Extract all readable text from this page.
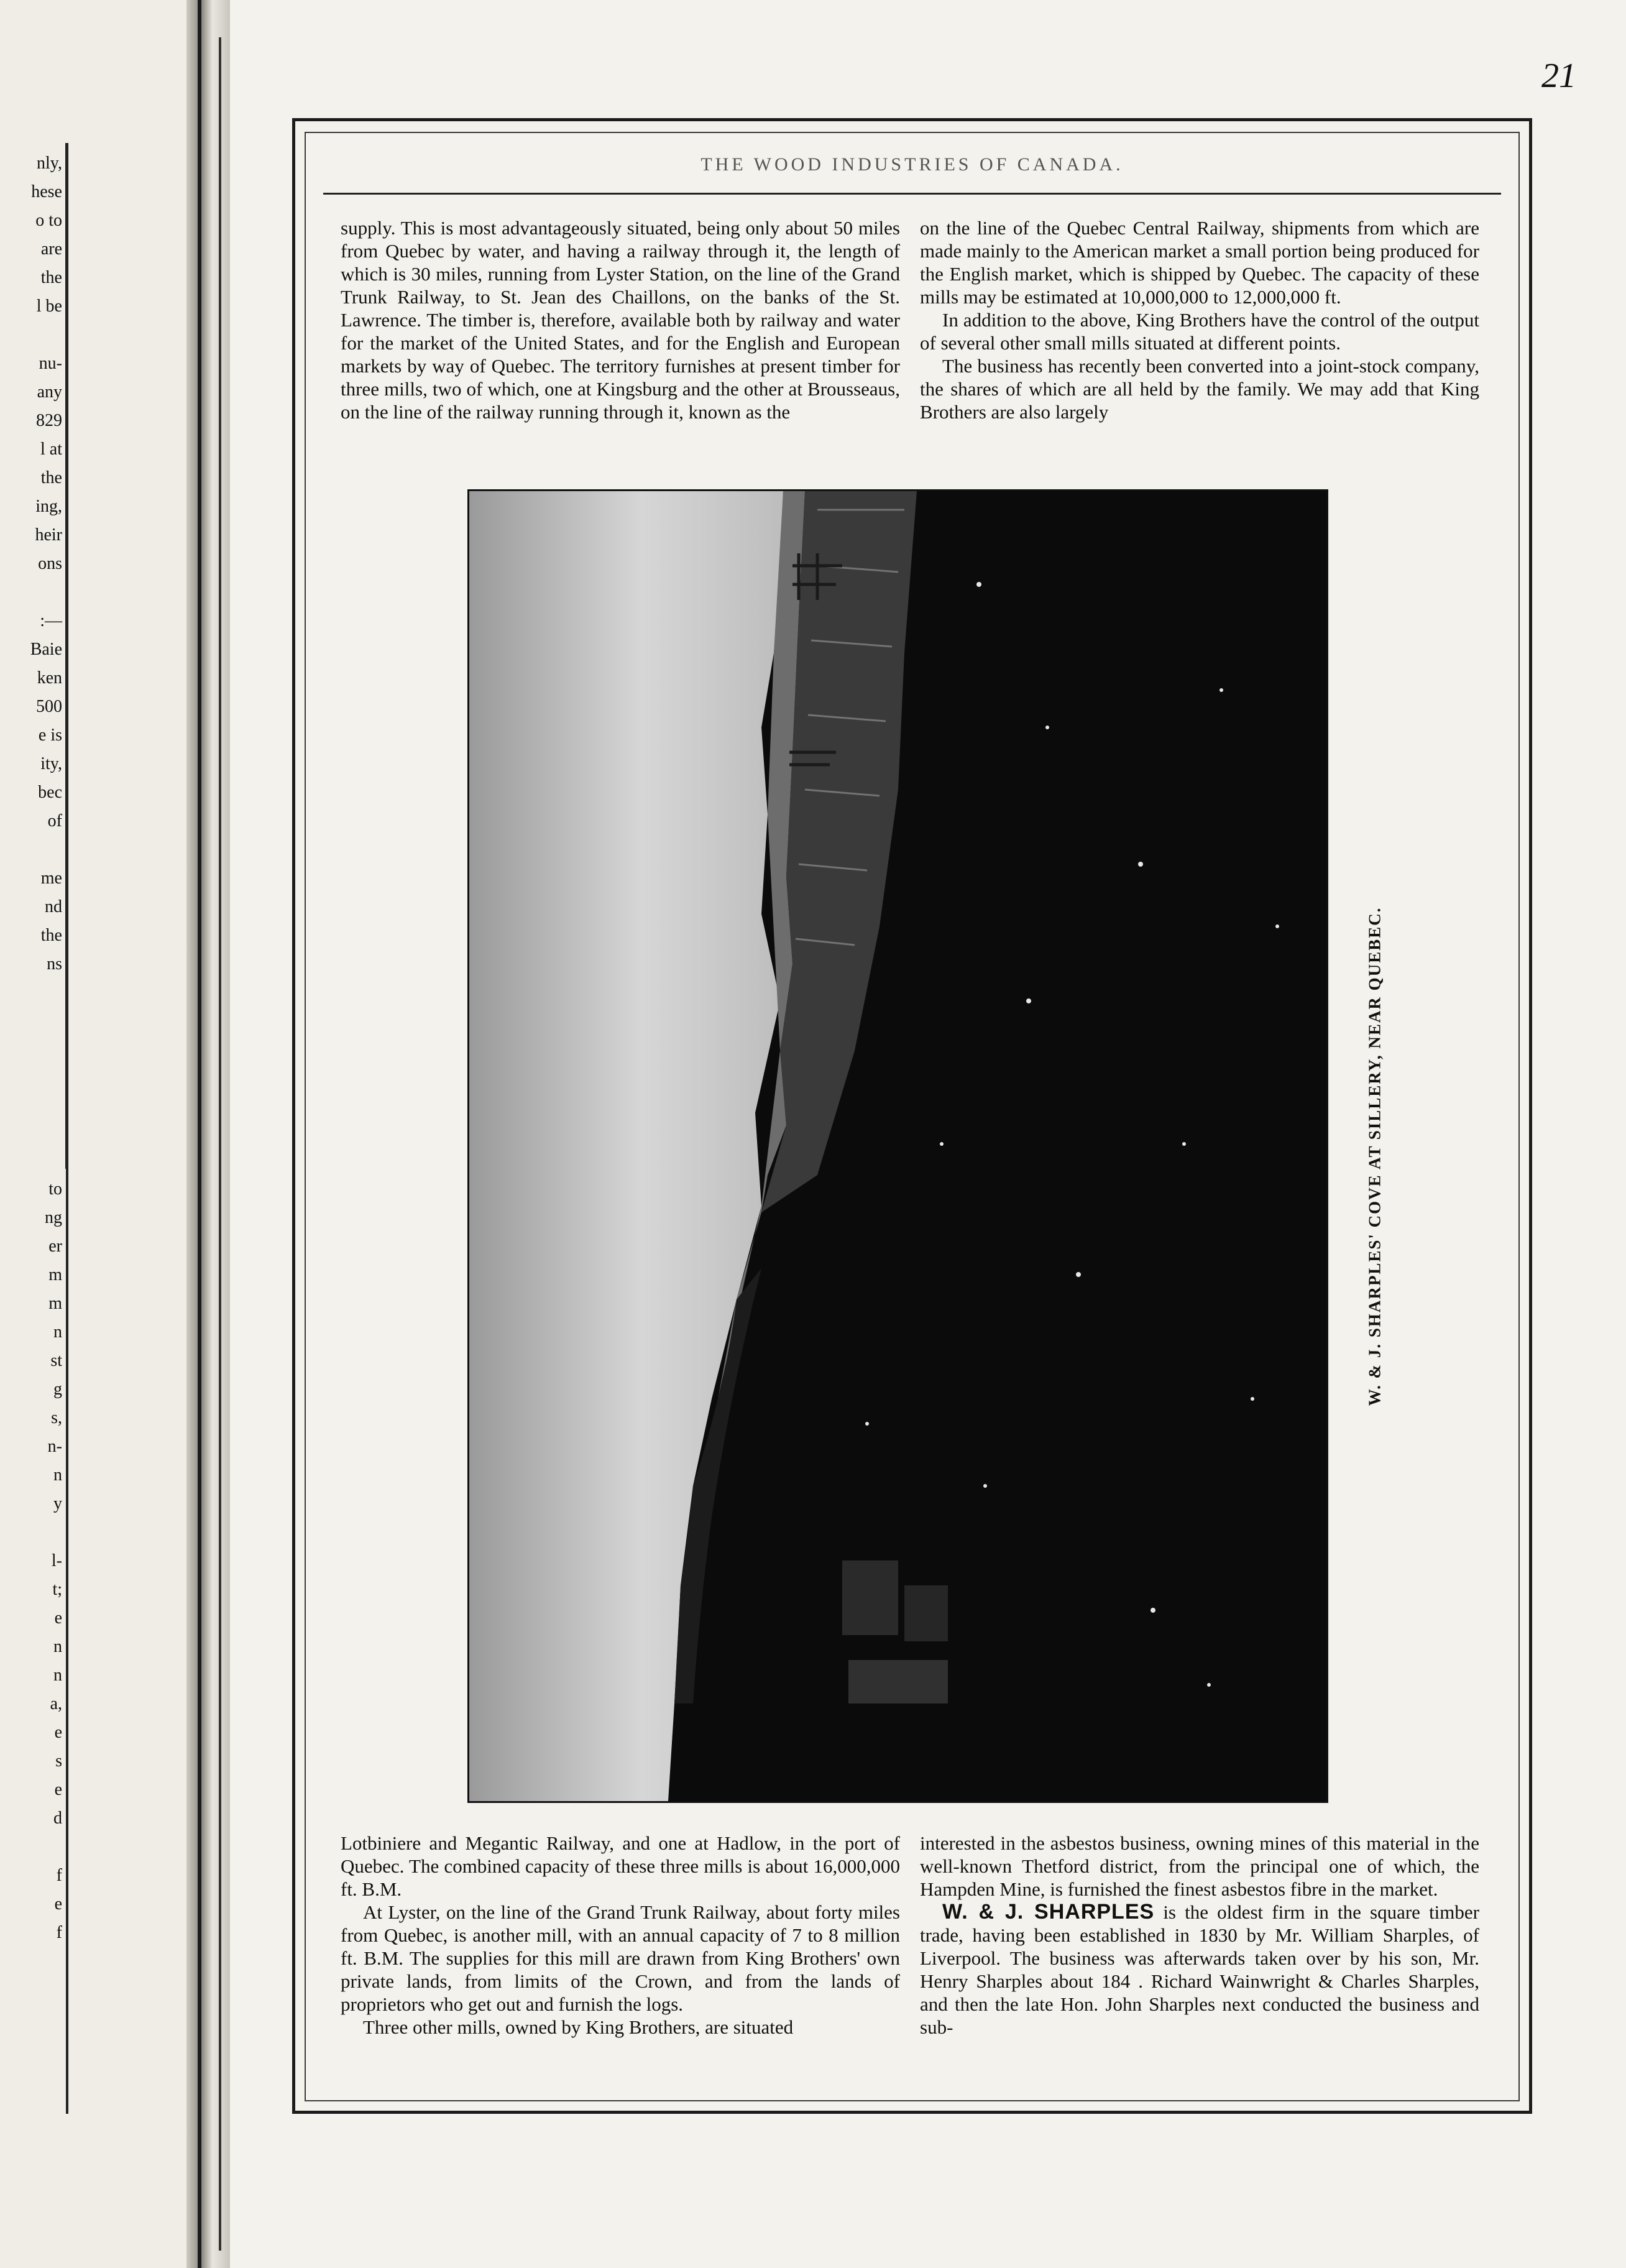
nly,
hese
o to
are
the
l be
nu-
any
829
l at
the
ing,
heir
ons
:—
Baie
ken
500
e is
ity,
bec
of
me
nd
the
ns
to
ng
er
m
m
n
st
g
s,
n-
n
y
l-
t;
e
n
n
a,
e
s
e
d
f
e
f
21
THE WOOD INDUSTRIES OF CANADA.

supply. This is most advantageously situated, being only about 50 miles from Quebec by water, and having a railway through it, the length of which is 30 miles, running from Lyster Station, on the line of the Grand Trunk Railway, to St. Jean des Chaillons, on the banks of the St. Lawrence. The timber is, therefore, available both by railway and water for the market of the United States, and for the English and European markets by way of Quebec. The territory furnishes at present timber for three mills, two of which, one at Kingsburg and the other at Brousseaus, on the line of the railway running through it, known as the

on the line of the Quebec Central Railway, shipments from which are made mainly to the American market a small portion being produced for the English market, which is shipped by Quebec. The capacity of these mills may be estimated at 10,000,000 to 12,000,000 ft.

In addition to the above, King Brothers have the control of the output of several other small mills situated at different points.

The business has recently been converted into a joint-stock company, the shares of which are all held by the family. We may add that King Brothers are also largely

W. & J. SHARPLES' COVE AT SILLERY, NEAR QUEBEC.

Lotbiniere and Megantic Railway, and one at Hadlow, in the port of Quebec. The combined capacity of these three mills is about 16,000,000 ft. B.M.

At Lyster, on the line of the Grand Trunk Railway, about forty miles from Quebec, is another mill, with an annual capacity of 7 to 8 million ft. B.M. The supplies for this mill are drawn from King Brothers' own private lands, from limits of the Crown, and from the lands of proprietors who get out and furnish the logs.

Three other mills, owned by King Brothers, are situated

interested in the asbestos business, owning mines of this material in the well-known Thetford district, from the principal one of which, the Hampden Mine, is furnished the finest asbestos fibre in the market.

W. & J. SHARPLES is the oldest firm in the square timber trade, having been established in 1830 by Mr. William Sharples, of Liverpool. The business was afterwards taken over by his son, Mr. Henry Sharples about 184 . Richard Wainwright & Charles Sharples, and then the late Hon. John Sharples next conducted the business and sub-
